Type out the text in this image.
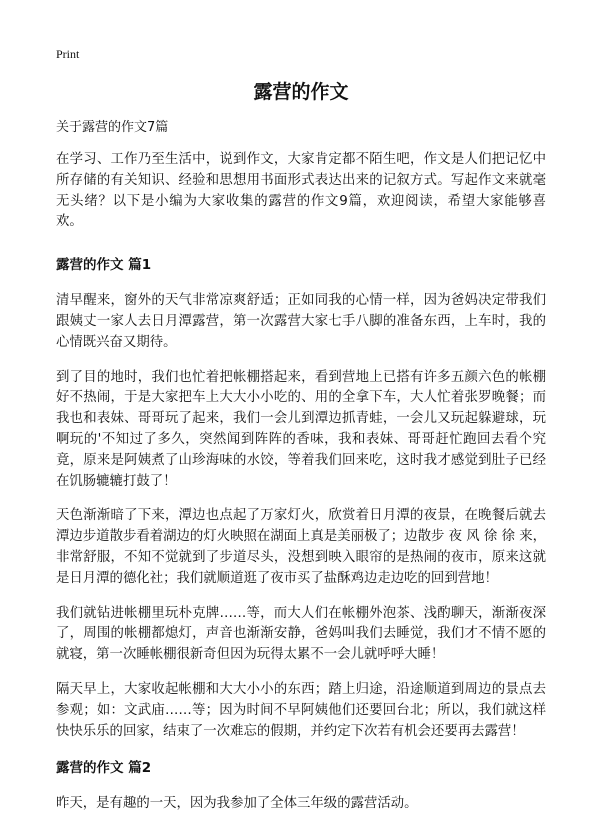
Print
露营的作文
关于露营的作文7篇

在学习、工作乃至生活中，说到作文，大家肯定都不陌生吧，作文是人们把记忆中所存储的有关知识、经验和思想用书面形式表达出来的记叙方式。写起作文来就毫无头绪？以下是小编为大家收集的露营的作文9篇，欢迎阅读，希望大家能够喜欢。

露营的作文 篇1

清早醒来，窗外的天气非常凉爽舒适；正如同我的心情一样，因为爸妈决定带我们跟姨丈一家人去日月潭露营，第一次露营大家七手八脚的准备东西，上车时，我的心情既兴奋又期待。

到了目的地时，我们也忙着把帐棚搭起来，看到营地上已搭有许多五颜六色的帐棚好不热闹，于是大家把车上大大小小吃的、用的全拿下车，大人忙着张罗晚餐；而我也和表妹、哥哥玩了起来，我们一会儿到潭边抓青蛙，一会儿又玩起躲避球，玩啊玩的'不知过了多久，突然闻到阵阵的香味，我和表妹、哥哥赶忙跑回去看个究竟，原来是阿姨煮了山珍海味的水饺，等着我们回来吃，这时我才感觉到肚子已经在饥肠辘辘打鼓了！

天色渐渐暗了下来，潭边也点起了万家灯火，欣赏着日月潭的夜景，在晚餐后就去潭边步道散步看着湖边的灯火映照在湖面上真是美丽极了；边散步 夜 风 徐 徐 来，非常舒服，不知不觉就到了步道尽头，没想到映入眼帘的是热闹的夜市，原来这就是日月潭的德化社；我们就顺道逛了夜市买了盐酥鸡边走边吃的回到营地！

我们就钻进帐棚里玩朴克牌……等，而大人们在帐棚外泡茶、浅酌聊天，渐渐夜深了，周围的帐棚都熄灯，声音也渐渐安静，爸妈叫我们去睡觉，我们才不情不愿的就寝，第一次睡帐棚很新奇但因为玩得太累不一会儿就呼呼大睡！

隔天早上，大家收起帐棚和大大小小的东西；踏上归途，沿途顺道到周边的景点去参观；如：文武庙……等；因为时间不早阿姨他们还要回台北；所以，我们就这样快快乐乐的回家，结束了一次难忘的假期，并约定下次若有机会还要再去露营！

露营的作文 篇2

昨天，是有趣的一天，因为我参加了全体三年级的露营活动。
